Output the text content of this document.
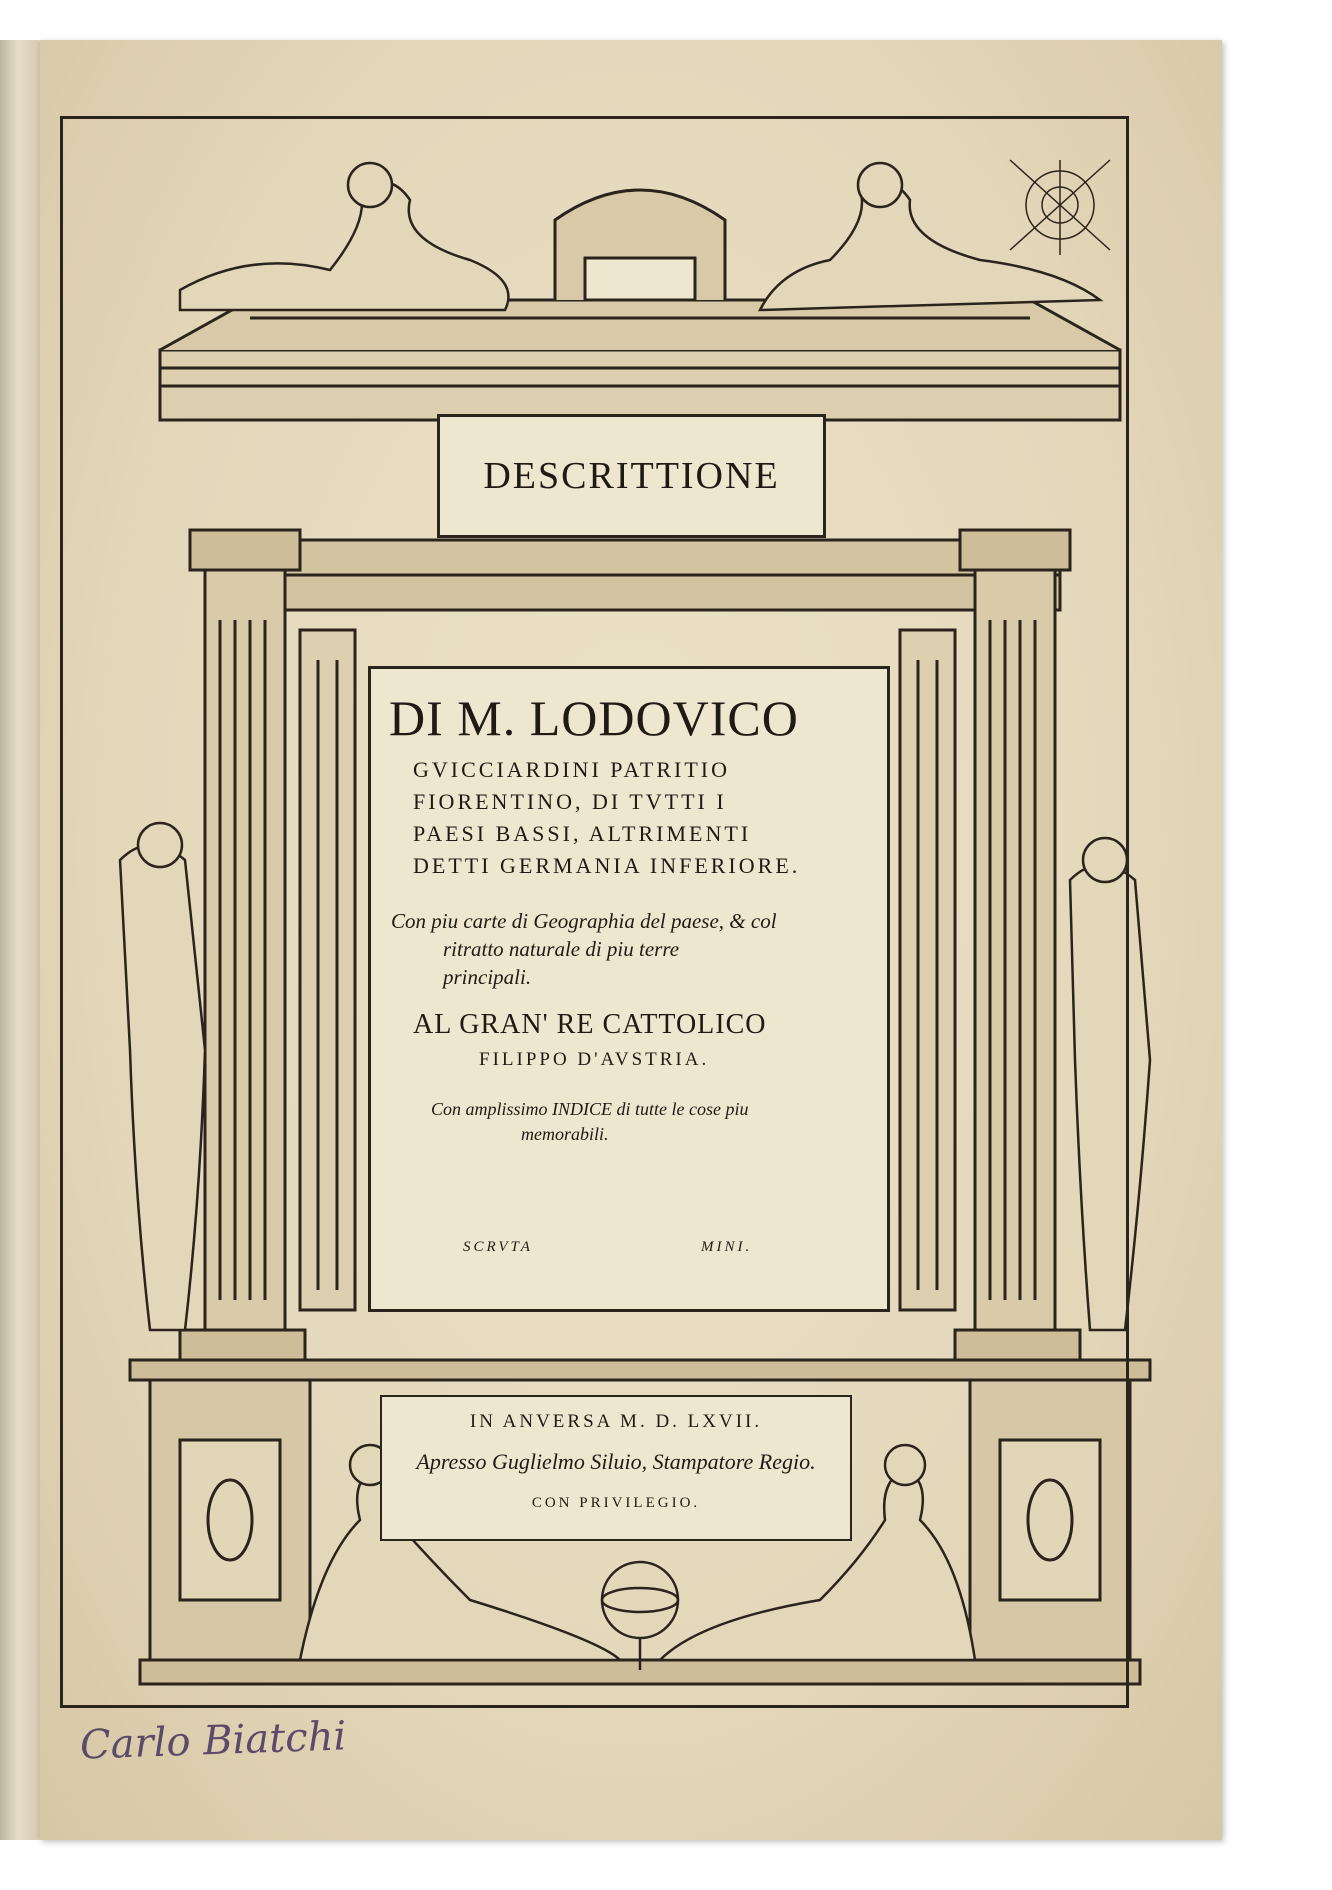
DESCRITTIONE
DI M. LODOVICO
GVICCIARDINI PATRITIO
FIORENTINO, DI TVTTI I
PAESI BASSI, ALTRIMENTI
DETTI GERMANIA INFERIORE.
Con piu carte di Geographia del paese, & col
ritratto naturale di piu terre
principali.
AL GRAN' RE CATTOLICO
FILIPPO D'AVSTRIA.
Con amplissimo INDICE di tutte le cose piu
memorabili.
SCRVTA	MINI.
IN ANVERSA M. D. LXVII.
Apresso Guglielmo Siluio, Stampatore Regio.
CON PRIVILEGIO.
Carlo Biatchi
